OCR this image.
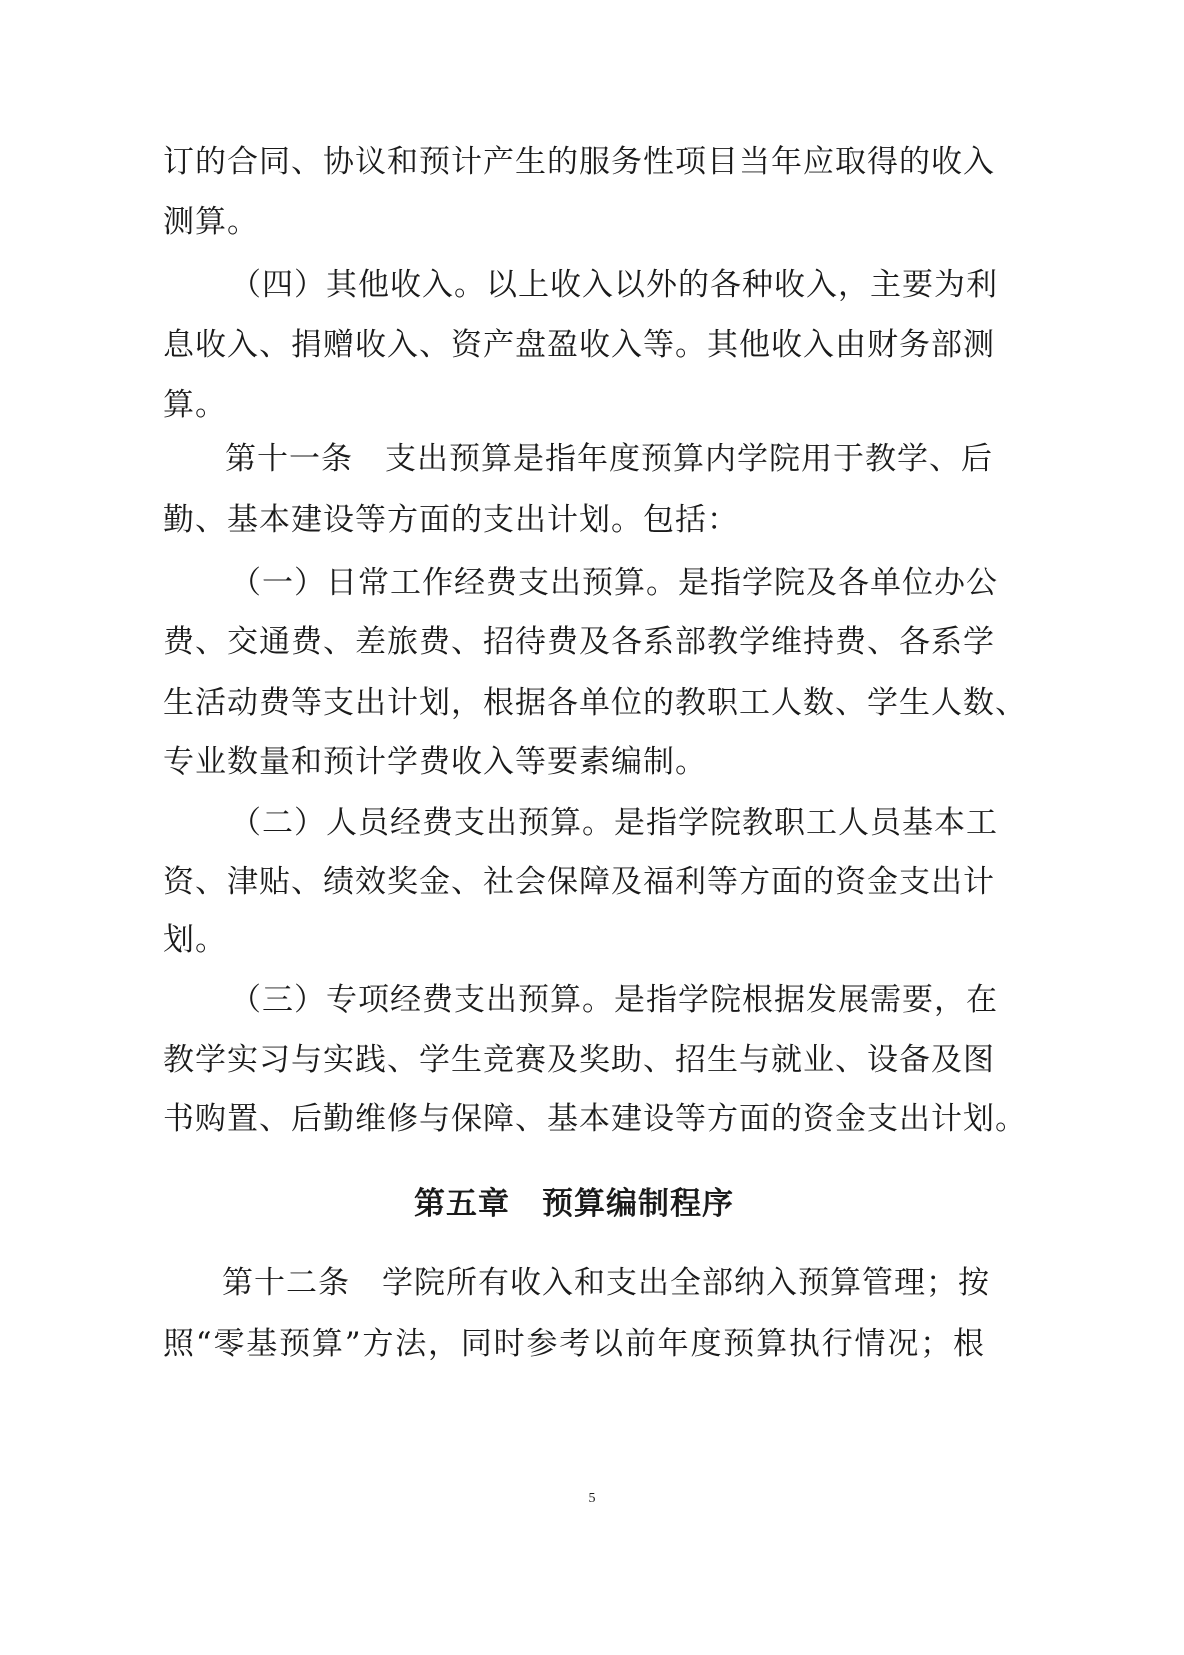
订的合同、协议和预计产生的服务性项目当年应取得的收入
测算。
（四）其他收入。以上收入以外的各种收入，主要为利
息收入、捐赠收入、资产盘盈收入等。其他收入由财务部测
算。
第十一条　支出预算是指年度预算内学院用于教学、后
勤、基本建设等方面的支出计划。包括：
（一）日常工作经费支出预算。是指学院及各单位办公
费、交通费、差旅费、招待费及各系部教学维持费、各系学
生活动费等支出计划，根据各单位的教职工人数、学生人数、
专业数量和预计学费收入等要素编制。
（二）人员经费支出预算。是指学院教职工人员基本工
资、津贴、绩效奖金、社会保障及福利等方面的资金支出计
划。
（三）专项经费支出预算。是指学院根据发展需要，在
教学实习与实践、学生竞赛及奖助、招生与就业、设备及图
书购置、后勤维修与保障、基本建设等方面的资金支出计划。
第五章　预算编制程序
第十二条　学院所有收入和支出全部纳入预算管理；按
照“零基预算”方法，同时参考以前年度预算执行情况；根
5
